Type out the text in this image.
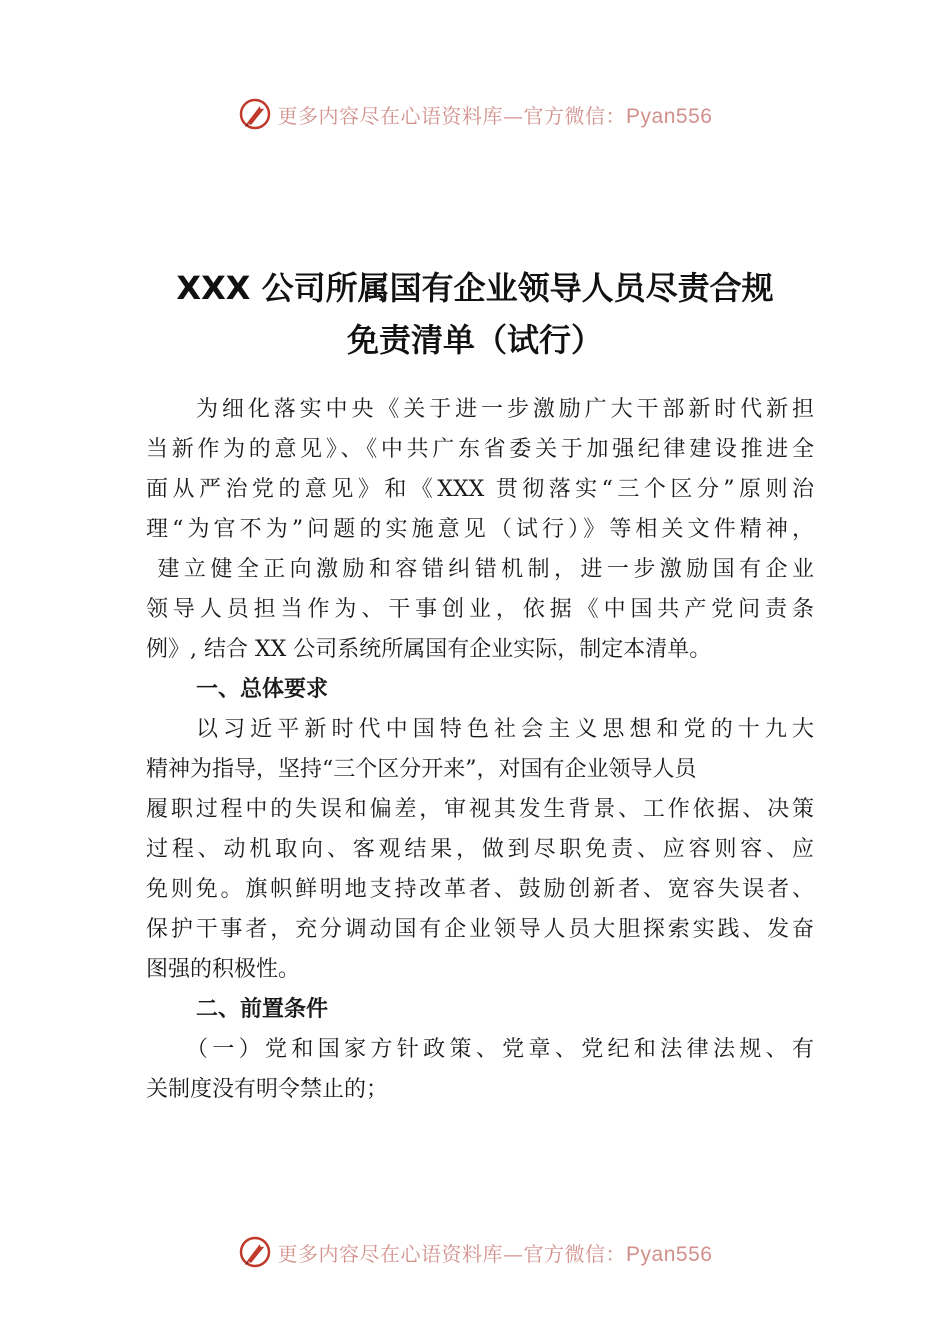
更多内容尽在心语资料库—官方微信：Pyan556
XXX 公司所属国有企业领导人员尽责合规
免责清单（试行）
为细化落实中央《关于进一步激励广大干部新时代新担
当新作为的意见》、《中共广东省委关于加强纪律建设推进全
面从严治党的意见》和《XXX 贯彻落实“三个区分”原则治
理“为官不为”问题的实施意见（试行）》等相关文件精神，
建立健全正向激励和容错纠错机制，进一步激励国有企业
领导人员担当作为、干事创业，依据《中国共产党问责条
例》, 结合 XX 公司系统所属国有企业实际，制定本清单。
一、总体要求
以习近平新时代中国特色社会主义思想和党的十九大
精神为指导，坚持“三个区分开来”，对国有企业领导人员
履职过程中的失误和偏差，审视其发生背景、工作依据、决策
过程、动机取向、客观结果，做到尽职免责、应容则容、应
免则免。旗帜鲜明地支持改革者、鼓励创新者、宽容失误者、
保护干事者，充分调动国有企业领导人员大胆探索实践、发奋
图强的积极性。
二、前置条件
（一）党和国家方针政策、党章、党纪和法律法规、有
关制度没有明令禁止的；
更多内容尽在心语资料库—官方微信：Pyan556
